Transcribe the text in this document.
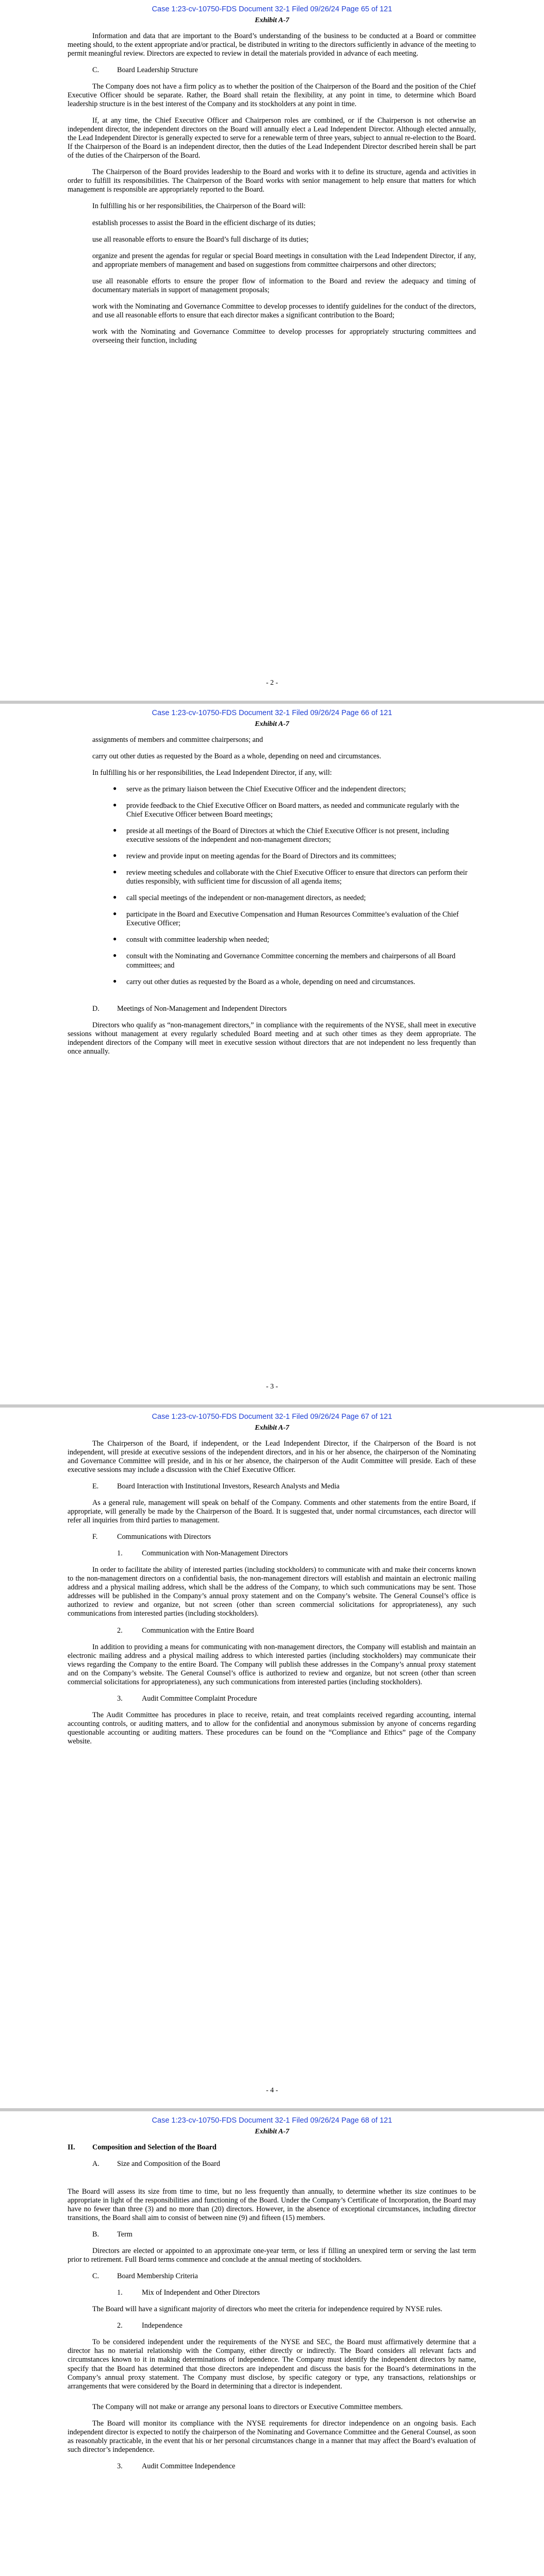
Case 1:23-cv-10750-FDS Document 32-1 Filed 09/26/24 Page 65 of 121
Exhibit A-7

Information and data that are important to the Board’s understanding of the business to be conducted at a Board or committee meeting should, to the extent appropriate and/or practical, be distributed in writing to the directors sufficiently in advance of the meeting to permit meaningful review. Directors are expected to review in detail the materials provided in advance of each meeting.

C.	Board Leadership Structure

The Company does not have a firm policy as to whether the position of the Chairperson of the Board and the position of the Chief Executive Officer should be separate. Rather, the Board shall retain the flexibility, at any point in time, to determine which Board leadership structure is in the best interest of the Company and its stockholders at any point in time.

If, at any time, the Chief Executive Officer and Chairperson roles are combined, or if the Chairperson is not otherwise an independent director, the independent directors on the Board will annually elect a Lead Independent Director. Although elected annually, the Lead Independent Director is generally expected to serve for a renewable term of three years, subject to annual re-election to the Board. If the Chairperson of the Board is an independent director, then the duties of the Lead Independent Director described herein shall be part of the duties of the Chairperson of the Board.

The Chairperson of the Board provides leadership to the Board and works with it to define its structure, agenda and activities in order to fulfill its responsibilities. The Chairperson of the Board works with senior management to help ensure that matters for which management is responsible are appropriately reported to the Board.

In fulfilling his or her responsibilities, the Chairperson of the Board will:

establish processes to assist the Board in the efficient discharge of its duties;

use all reasonable efforts to ensure the Board’s full discharge of its duties;

organize and present the agendas for regular or special Board meetings in consultation with the Lead Independent Director, if any, and appropriate members of management and based on suggestions from committee chairpersons and other directors;

use all reasonable efforts to ensure the proper flow of information to the Board and review the adequacy and timing of documentary materials in support of management proposals;

work with the Nominating and Governance Committee to develop processes to identify guidelines for the conduct of the directors, and use all reasonable efforts to ensure that each director makes a significant contribution to the Board;

work with the Nominating and Governance Committee to develop processes for appropriately structuring committees and overseeing their function, including

- 2 -
Case 1:23-cv-10750-FDS Document 32-1 Filed 09/26/24 Page 66 of 121
Exhibit A-7

assignments of members and committee chairpersons; and

carry out other duties as requested by the Board as a whole, depending on need and circumstances.

In fulfilling his or her responsibilities, the Lead Independent Director, if any, will:

● serve as the primary liaison between the Chief Executive Officer and the independent directors;
● provide feedback to the Chief Executive Officer on Board matters, as needed and communicate regularly with the Chief Executive Officer between Board meetings;
● preside at all meetings of the Board of Directors at which the Chief Executive Officer is not present, including executive sessions of the independent and non-management directors;
● review and provide input on meeting agendas for the Board of Directors and its committees;
● review meeting schedules and collaborate with the Chief Executive Officer to ensure that directors can perform their duties responsibly, with sufficient time for discussion of all agenda items;
● call special meetings of the independent or non-management directors, as needed;
● participate in the Board and Executive Compensation and Human Resources Committee’s evaluation of the Chief Executive Officer;
● consult with committee leadership when needed;
● consult with the Nominating and Governance Committee concerning the members and chairpersons of all Board committees; and
● carry out other duties as requested by the Board as a whole, depending on need and circumstances.
D.	Meetings of Non-Management and Independent Directors

Directors who qualify as “non-management directors,” in compliance with the requirements of the NYSE, shall meet in executive sessions without management at every regularly scheduled Board meeting and at such other times as they deem appropriate. The independent directors of the Company will meet in executive session without directors that are not independent no less frequently than once annually.

- 3 -
Case 1:23-cv-10750-FDS Document 32-1 Filed 09/26/24 Page 67 of 121
Exhibit A-7

The Chairperson of the Board, if independent, or the Lead Independent Director, if the Chairperson of the Board is not independent, will preside at executive sessions of the independent directors, and in his or her absence, the chairperson of the Nominating and Governance Committee will preside, and in his or her absence, the chairperson of the Audit Committee will preside. Each of these executive sessions may include a discussion with the Chief Executive Officer.

E.	Board Interaction with Institutional Investors, Research Analysts and Media

As a general rule, management will speak on behalf of the Company. Comments and other statements from the entire Board, if appropriate, will generally be made by the Chairperson of the Board. It is suggested that, under normal circumstances, each director will refer all inquiries from third parties to management.

F.	Communications with Directors
1.	Communication with Non-Management Directors

In order to facilitate the ability of interested parties (including stockholders) to communicate with and make their concerns known to the non-management directors on a confidential basis, the non-management directors will establish and maintain an electronic mailing address and a physical mailing address, which shall be the address of the Company, to which such communications may be sent. Those addresses will be published in the Company’s annual proxy statement and on the Company’s website. The General Counsel’s office is authorized to review and organize, but not screen (other than screen commercial solicitations for appropriateness), any such communications from interested parties (including stockholders).

2.	Communication with the Entire Board

In addition to providing a means for communicating with non-management directors, the Company will establish and maintain an electronic mailing address and a physical mailing address to which interested parties (including stockholders) may communicate their views regarding the Company to the entire Board. The Company will publish these addresses in the Company’s annual proxy statement and on the Company’s website. The General Counsel’s office is authorized to review and organize, but not screen (other than screen commercial solicitations for appropriateness), any such communications from interested parties (including stockholders).

3.	Audit Committee Complaint Procedure

The Audit Committee has procedures in place to receive, retain, and treat complaints received regarding accounting, internal accounting controls, or auditing matters, and to allow for the confidential and anonymous submission by anyone of concerns regarding questionable accounting or auditing matters. These procedures can be found on the “Compliance and Ethics” page of the Company website.

- 4 -
Case 1:23-cv-10750-FDS Document 32-1 Filed 09/26/24 Page 68 of 121
Exhibit A-7
II.	Composition and Selection of the Board
A.	Size and Composition of the Board

The Board will assess its size from time to time, but no less frequently than annually, to determine whether its size continues to be appropriate in light of the responsibilities and functioning of the Board. Under the Company’s Certificate of Incorporation, the Board may have no fewer than three (3) and no more than (20) directors. However, in the absence of exceptional circumstances, including director transitions, the Board shall aim to consist of between nine (9) and fifteen (15) members.

B.	Term

Directors are elected or appointed to an approximate one-year term, or less if filling an unexpired term or serving the last term prior to retirement. Full Board terms commence and conclude at the annual meeting of stockholders.

C.	Board Membership Criteria
1.	Mix of Independent and Other Directors

The Board will have a significant majority of directors who meet the criteria for independence required by NYSE rules.

2.	Independence

To be considered independent under the requirements of the NYSE and SEC, the Board must affirmatively determine that a director has no material relationship with the Company, either directly or indirectly. The Board considers all relevant facts and circumstances known to it in making determinations of independence. The Company must identify the independent directors by name, specify that the Board has determined that those directors are independent and discuss the basis for the Board’s determinations in the Company’s annual proxy statement. The Company must disclose, by specific category or type, any transactions, relationships or arrangements that were considered by the Board in determining that a director is independent.

The Company will not make or arrange any personal loans to directors or Executive Committee members.

The Board will monitor its compliance with the NYSE requirements for director independence on an ongoing basis. Each independent director is expected to notify the chairperson of the Nominating and Governance Committee and the General Counsel, as soon as reasonably practicable, in the event that his or her personal circumstances change in a manner that may affect the Board’s evaluation of such director’s independence.

3.	Audit Committee Independence
